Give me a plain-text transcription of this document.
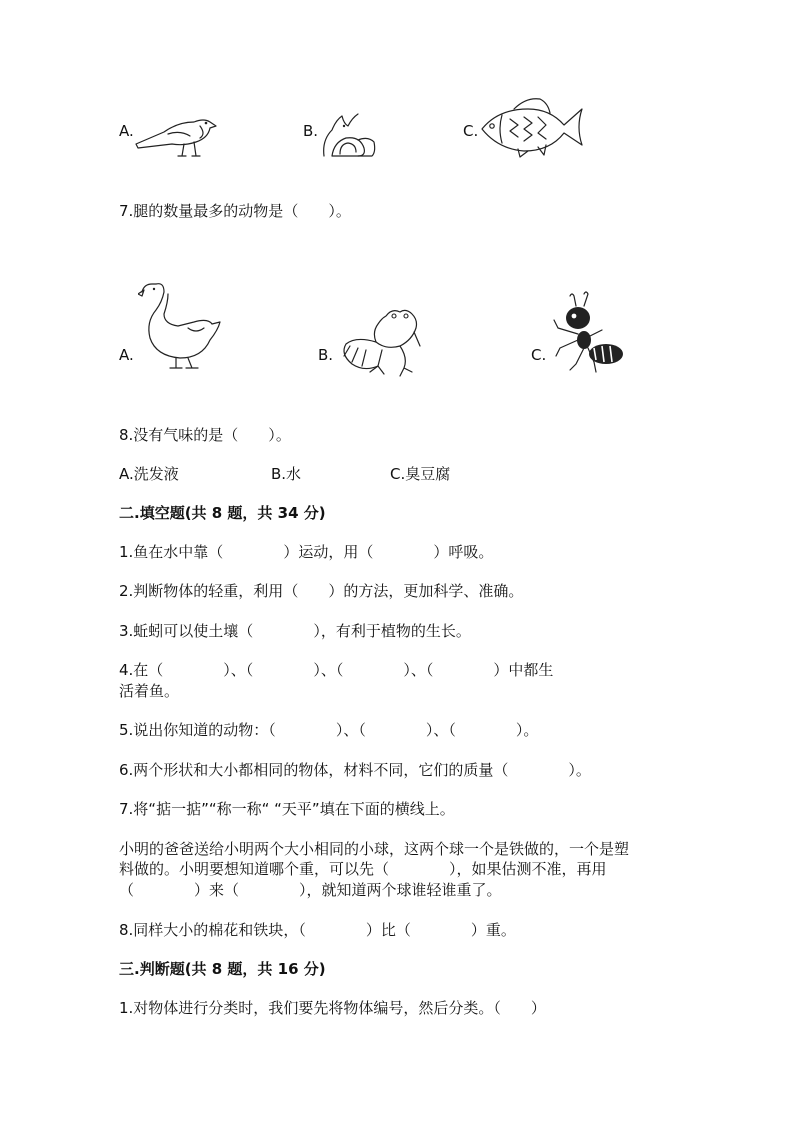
A.	B.	C.
7.腿的数量最多的动物是（　　）。
A.	B.	C.
8.没有气味的是（　　）。
A.洗发液	B.水	C.臭豆腐
二.填空题(共 8 题，共 34 分)
1.鱼在水中靠（　　　　）运动，用（　　　　）呼吸。
2.判断物体的轻重，利用（　　）的方法，更加科学、准确。
3.蚯蚓可以使土壤（　　　　），有利于植物的生长。
4.在（　　　　）、（　　　　）、（　　　　）、（　　　　）中都生
活着鱼。
5.说出你知道的动物：（　　　　）、（　　　　）、（　　　　）。
6.两个形状和大小都相同的物体，材料不同，它们的质量（　　　　）。
7.将“掂一掂”“称一称“ “天平”填在下面的横线上。
小明的爸爸送给小明两个大小相同的小球，这两个球一个是铁做的，一个是塑
料做的。小明要想知道哪个重，可以先（　　　　），如果估测不准，再用
（　　　　）来（　　　　），就知道两个球谁轻谁重了。
8.同样大小的棉花和铁块，（　　　　）比（　　　　）重。
三.判断题(共 8 题，共 16 分)
1.对物体进行分类时，我们要先将物体编号，然后分类。（　　）
